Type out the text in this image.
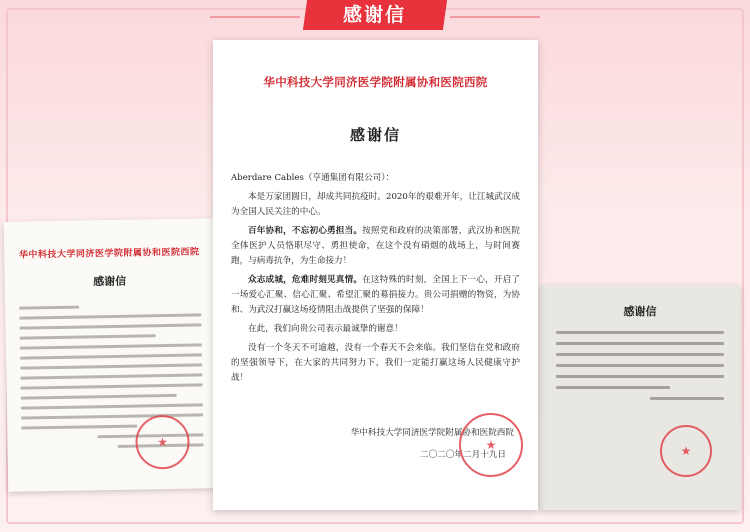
感谢信
华中科技大学同济医学院附属协和医院西院
感谢信
★
感谢信
★
华中科技大学同济医学院附属协和医院西院
感谢信

Aberdare Cables（亨通集团有限公司）：

本是万家团圆日，却成共同抗疫时。2020年的艰难开年，让江城武汉成为全国人民关注的中心。

百年协和，不忘初心勇担当。按照党和政府的决策部署，武汉协和医院全体医护人员恪职尽守、勇担使命，在这个没有硝烟的战场上，与时间赛跑，与病毒抗争，为生命接力！

众志成城，危难时刻见真情。在这特殊的时刻，全国上下一心，开启了一场爱心汇聚、信心汇聚、希望汇聚的募捐接力。贵公司捐赠的物资，为协和、为武汉打赢这场疫情阻击战提供了坚强的保障！

在此，我们向贵公司表示最诚挚的谢意！

没有一个冬天不可逾越，没有一个春天不会来临。我们坚信在党和政府的坚强领导下，在大家的共同努力下，我们一定能打赢这场人民健康守护战！

华中科技大学同济医学院附属协和医院西院
二〇二〇年二月十九日
★
